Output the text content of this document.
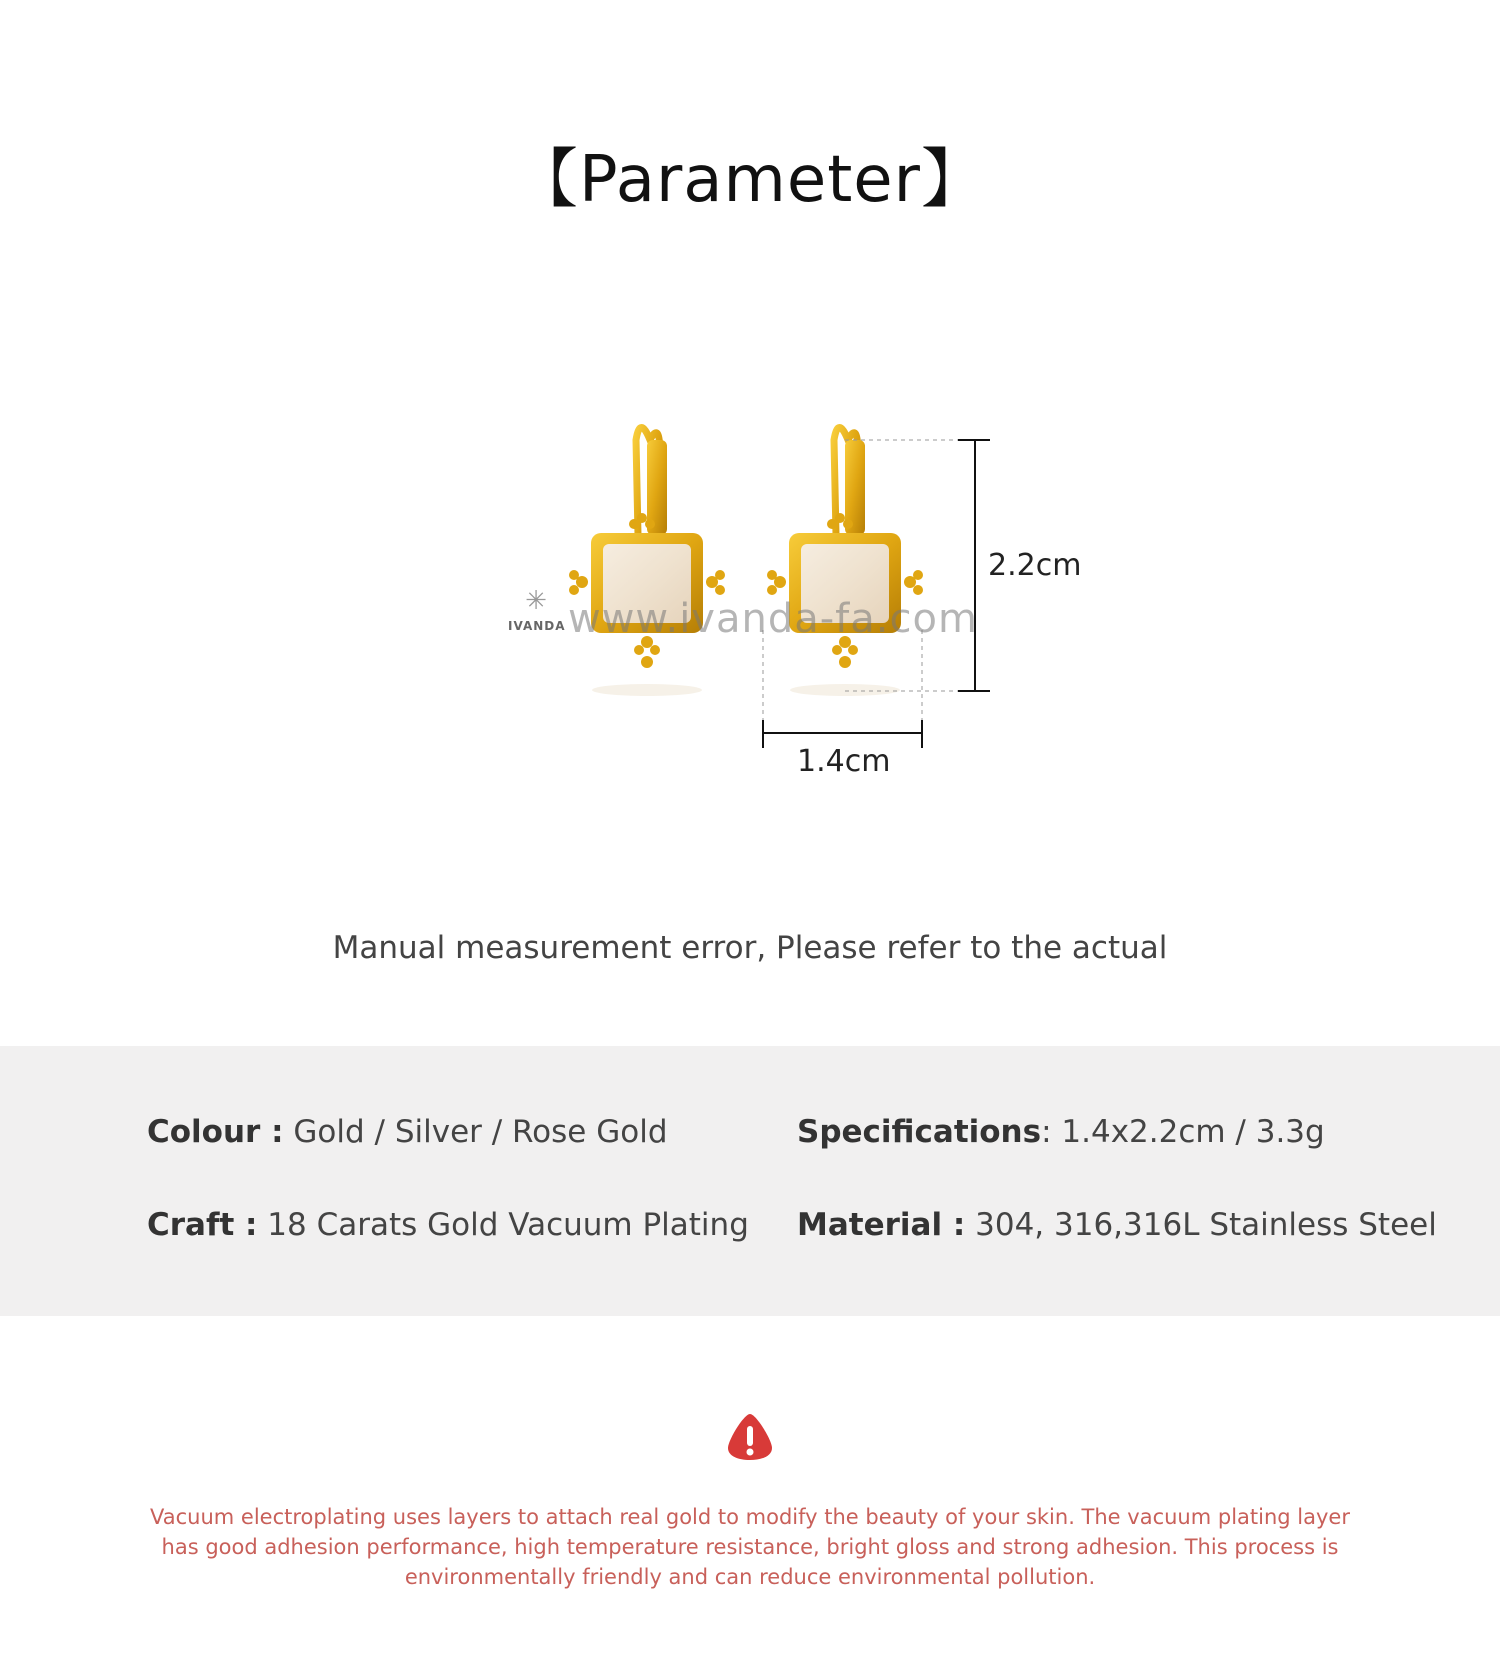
【Parameter】
✳
IVANDA www.ivanda-fa.com
2.2cm
1.4cm
Manual measurement error, Please refer to the actual
Colour : Gold / Silver / Rose Gold	Specifications: 1.4x2.2cm / 3.3g
Craft : 18 Carats Gold Vacuum Plating Material : 304, 316,316L Stainless Steel
Vacuum electroplating uses layers to attach real gold to modify the beauty of your skin. The vacuum plating layer has good adhesion performance, high temperature resistance, bright gloss and strong adhesion. This process is environmentally friendly and can reduce environmental pollution.
